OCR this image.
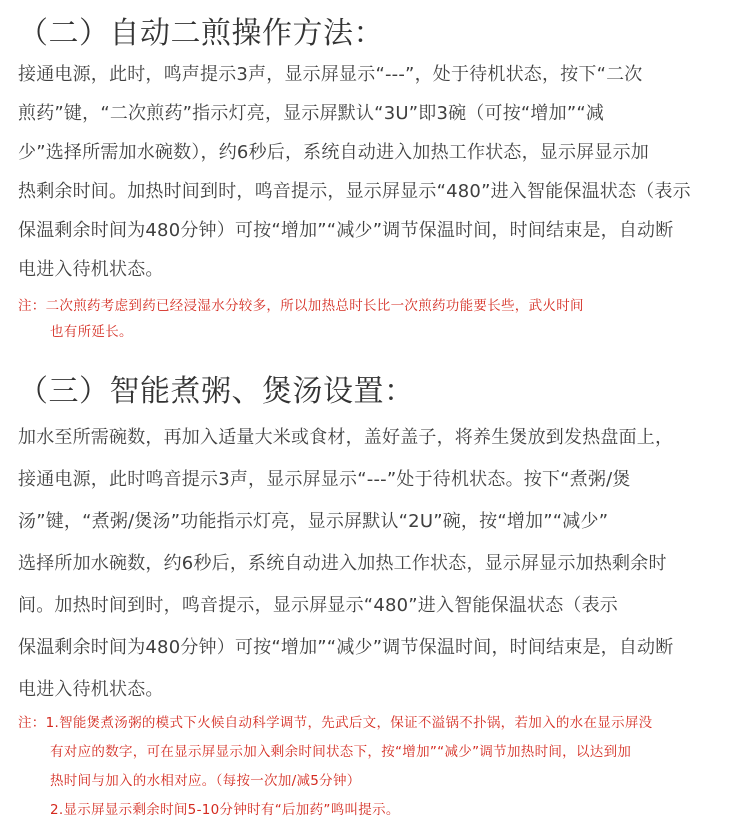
（二）自动二煎操作方法：
接通电源，此时，鸣声提示3声，显示屏显示“---”，处于待机状态，按下“二次
煎药”键，“二次煎药”指示灯亮，显示屏默认“3U”即3碗（可按“增加”“减
少”选择所需加水碗数），约6秒后，系统自动进入加热工作状态，显示屏显示加
热剩余时间。加热时间到时，鸣音提示，显示屏显示“480”进入智能保温状态（表示
保温剩余时间为480分钟）可按“增加”“减少”调节保温时间，时间结束是，自动断
电进入待机状态。
注：二次煎药考虑到药已经浸湿水分较多，所以加热总时长比一次煎药功能要长些，武火时间
也有所延长。
（三）智能煮粥、煲汤设置：
加水至所需碗数，再加入适量大米或食材，盖好盖子，将养生煲放到发热盘面上，
接通电源，此时鸣音提示3声，显示屏显示“---”处于待机状态。按下“煮粥/煲
汤”键，“煮粥/煲汤”功能指示灯亮，显示屏默认“2U”碗，按“增加”“减少”
选择所加水碗数，约6秒后，系统自动进入加热工作状态，显示屏显示加热剩余时
间。加热时间到时，鸣音提示，显示屏显示“480”进入智能保温状态（表示
保温剩余时间为480分钟）可按“增加”“减少”调节保温时间，时间结束是，自动断
电进入待机状态。
注：1.智能煲煮汤粥的模式下火候自动科学调节，先武后文，保证不溢锅不扑锅，若加入的水在显示屏没
有对应的数字，可在显示屏显示加入剩余时间状态下，按“增加”“减少”调节加热时间，以达到加
热时间与加入的水相对应。（每按一次加/减5分钟）
2.显示屏显示剩余时间5-10分钟时有“后加药”鸣叫提示。
